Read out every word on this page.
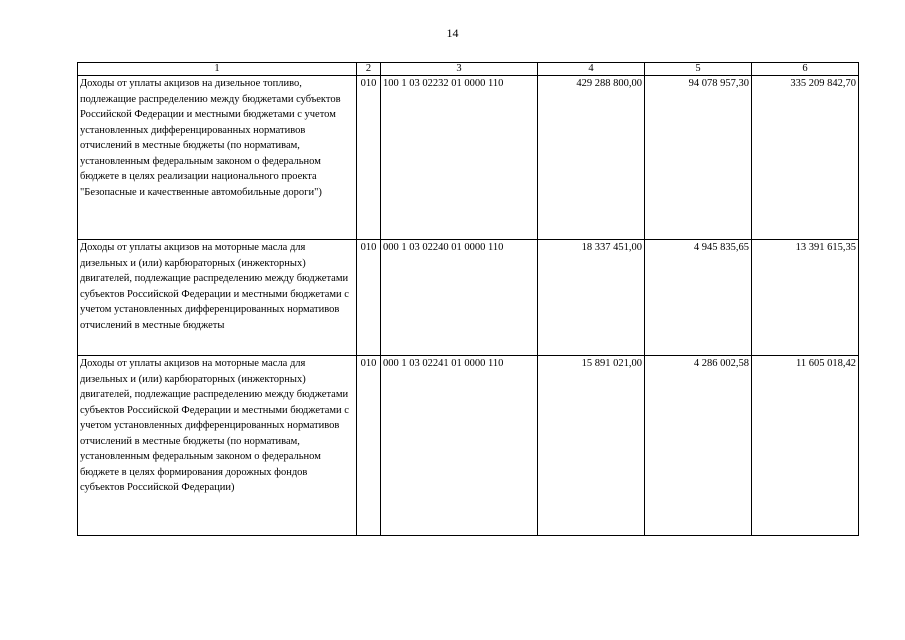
14
1	2	3	4	5	6
Доходы от уплаты акцизов на дизельное топливо, подлежащие распределению между бюджетами субъектов Российской Федерации и местными бюджетами с учетом установленных дифференцированных нормативов отчислений в местные бюджеты (по нормативам, установленным федеральным законом о федеральном бюджете в целях реализации национального проекта "Безопасные и качественные автомобильные дороги")	010	100 1 03 02232 01 0000 110	429 288 800,00	94 078 957,30	335 209 842,70
Доходы от уплаты акцизов на моторные масла для дизельных и (или) карбюраторных (инжекторных) двигателей, подлежащие распределению между бюджетами субъектов Российской Федерации и местными бюджетами с учетом установленных дифференцированных нормативов отчислений в местные бюджеты	010	000 1 03 02240 01 0000 110	18 337 451,00	4 945 835,65	13 391 615,35
Доходы от уплаты акцизов на моторные масла для дизельных и (или) карбюраторных (инжекторных) двигателей, подлежащие распределению между бюджетами субъектов Российской Федерации и местными бюджетами с учетом установленных дифференцированных нормативов отчислений в местные бюджеты (по нормативам, установленным федеральным законом о федеральном бюджете в целях формирования дорожных фондов субъектов Российской Федерации)	010	000 1 03 02241 01 0000 110	15 891 021,00	4 286 002,58	11 605 018,42
